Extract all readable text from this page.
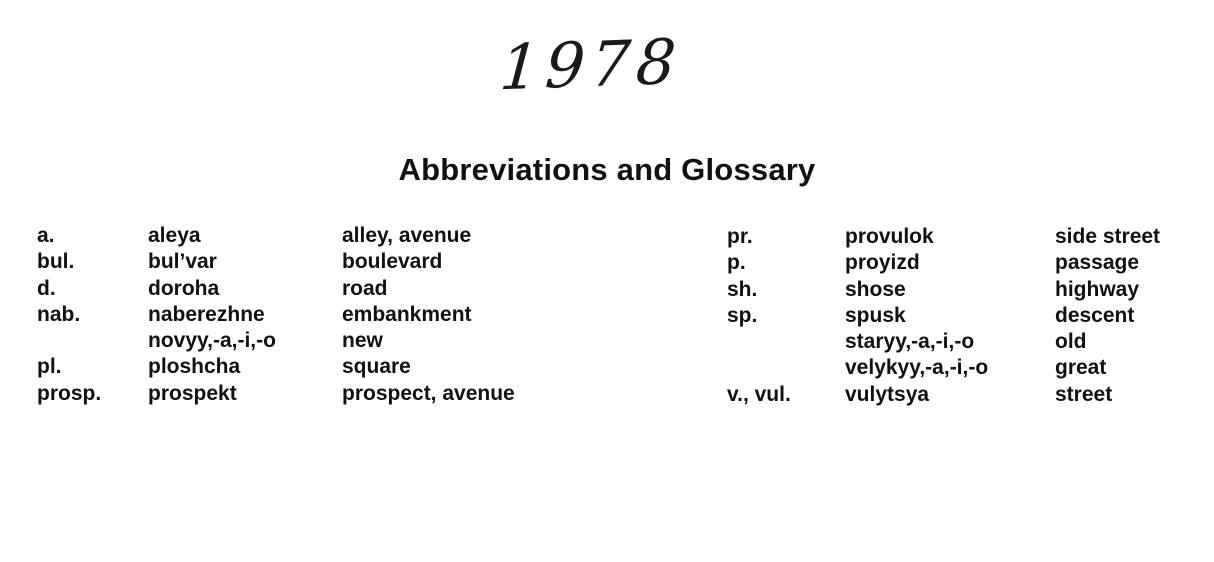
1978
Abbreviations and Glossary
a.
bul.
d.
nab.
pl.
prosp.
aleya
bul’var
doroha
naberezhne
novyy,-a,-i,-o
ploshcha
prospekt
alley, avenue
boulevard
road
embankment
new
square
prospect, avenue
pr.
p.
sh.
sp.
v., vul.
provulok
proyizd
shose
spusk
staryy,-a,-i,-o
velykyy,-a,-i,-o
vulytsya
side street
passage
highway
descent
old
great
street
